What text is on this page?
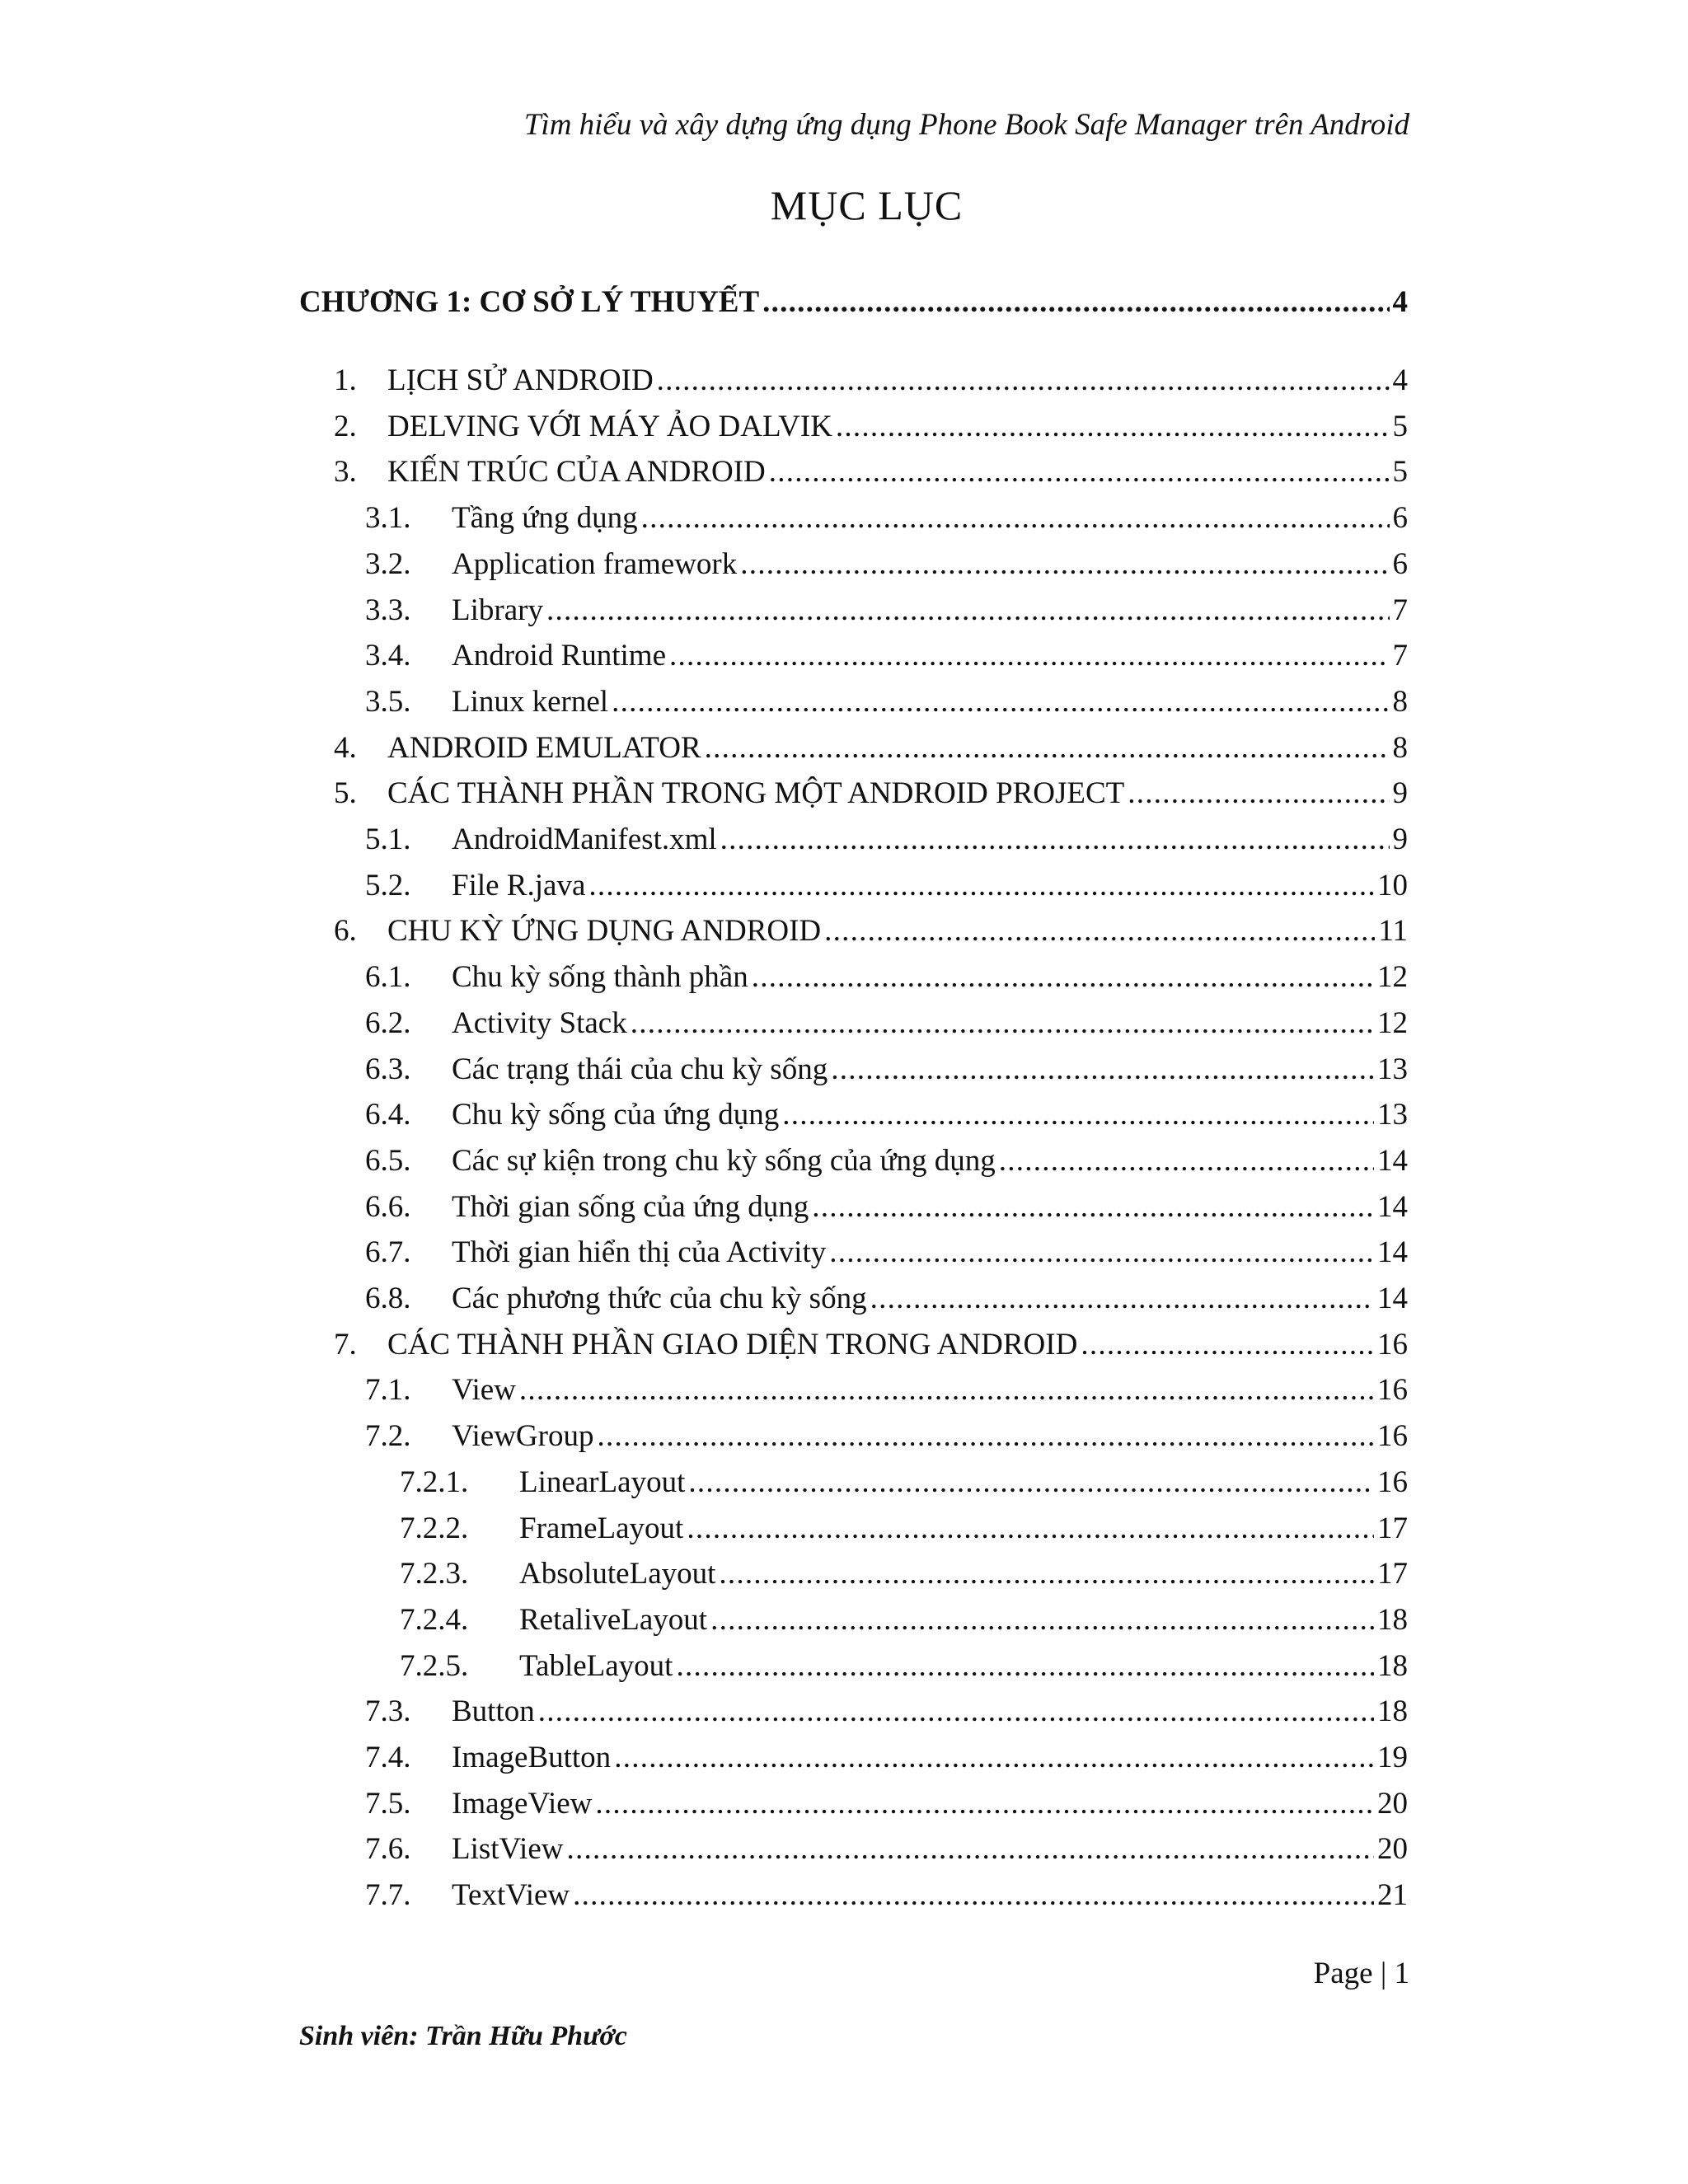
Tìm hiểu và xây dựng ứng dụng Phone Book Safe Manager trên Android
MỤC LỤC
CHƯƠNG 1: CƠ SỞ LÝ THUYẾT . . .	4
1.	LỊCH SỬ ANDROID . . .	4
2.	DELVING VỚI MÁY ẢO DALVIK . . .	5
3.	KIẾN TRÚC CỦA ANDROID . . .	5
3.1.	Tầng ứng dụng . . .	6
3.2.	Application framework . . .	6
3.3.	Library . . .	7
3.4.	Android Runtime . . .	7
3.5.	Linux kernel . . .	8
4.	ANDROID EMULATOR . . .	8
5.	CÁC THÀNH PHẦN TRONG MỘT ANDROID PROJECT . . .	9
5.1.	AndroidManifest.xml . . .	9
5.2.	File R.java . . .	10
6.	CHU KỲ ỨNG DỤNG ANDROID . . .	11
6.1.	Chu kỳ sống thành phần . . .	12
6.2.	Activity Stack . . .	12
6.3.	Các trạng thái của chu kỳ sống . . .	13
6.4.	Chu kỳ sống của ứng dụng . . .	13
6.5.	Các sự kiện trong chu kỳ sống của ứng dụng . . .	14
6.6.	Thời gian sống của ứng dụng . . .	14
6.7.	Thời gian hiển thị của Activity . . .	14
6.8.	Các phương thức của chu kỳ sống . . .	14
7.	CÁC THÀNH PHẦN GIAO DIỆN TRONG ANDROID . . .	16
7.1.	View . . .	16
7.2.	ViewGroup . . .	16
7.2.1.	LinearLayout . . .	16
7.2.2.	FrameLayout . . .	17
7.2.3.	AbsoluteLayout . . .	17
7.2.4.	RetaliveLayout . . .	18
7.2.5.	TableLayout . . .	18
7.3.	Button . . .	18
7.4.	ImageButton . . .	19
7.5.	ImageView . . .	20
7.6.	ListView . . .	20
7.7.	TextView . . .	21
Page | 1
Sinh viên: Trần Hữu Phước
